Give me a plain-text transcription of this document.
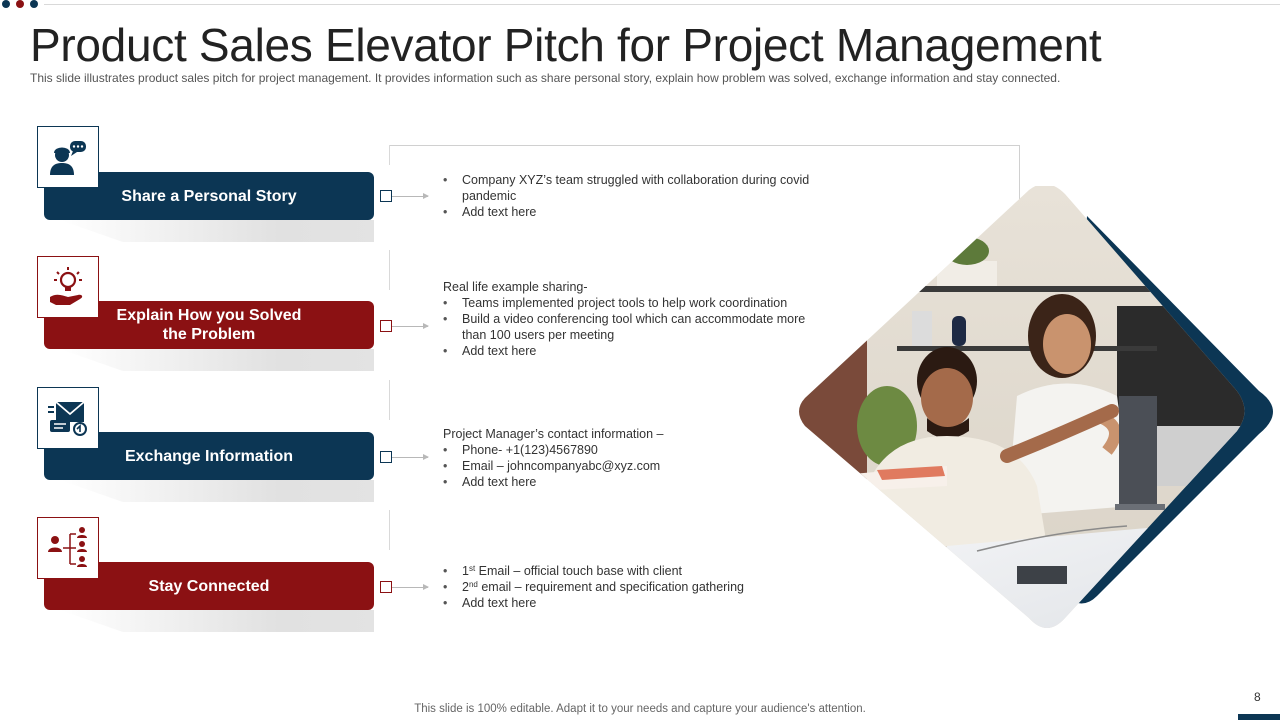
Product Sales Elevator Pitch for Project Management

This slide illustrates product sales pitch for project management. It provides information such as share personal story, explain how problem was solved, exchange information and stay connected.

Share a Personal Story
• Company XYZ’s team struggled with collaboration during covid pandemic
• Add text here
Explain How you Solved
the Problem
Real life example sharing-
• Teams implemented project tools to help work coordination
• Build a video conferencing tool which can accommodate more than 100 users per meeting
• Add text here
Exchange Information
Project Manager’s contact information –
• Phone- +1(123)4567890
• Email – johncompanyabc@xyz.com
• Add text here
Stay Connected
• 1st Email – official touch base with client
• 2nd email – requirement and specification gathering
• Add text here

This slide is 100% editable. Adapt it to your needs and capture your audience's attention.

8
